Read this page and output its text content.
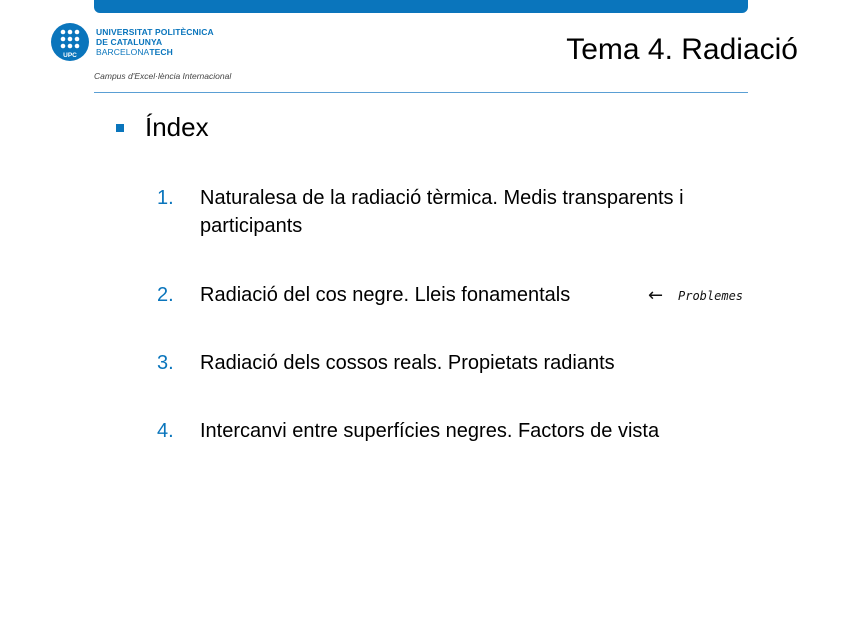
UPC
UNIVERSITAT POLITÈCNICA
DE CATALUNYA
BARCELONATECH
Campus d'Excel·lència Internacional
Tema 4. Radiació
Índex
1.	Naturalesa de la radiació tèrmica. Medis transparents i participants
2.	Radiació del cos negre. Lleis fonamentals
3.	Radiació dels cossos reals. Propietats radiants
4.	Intercanvi entre superfícies negres. Factors de vista
← Problemes
